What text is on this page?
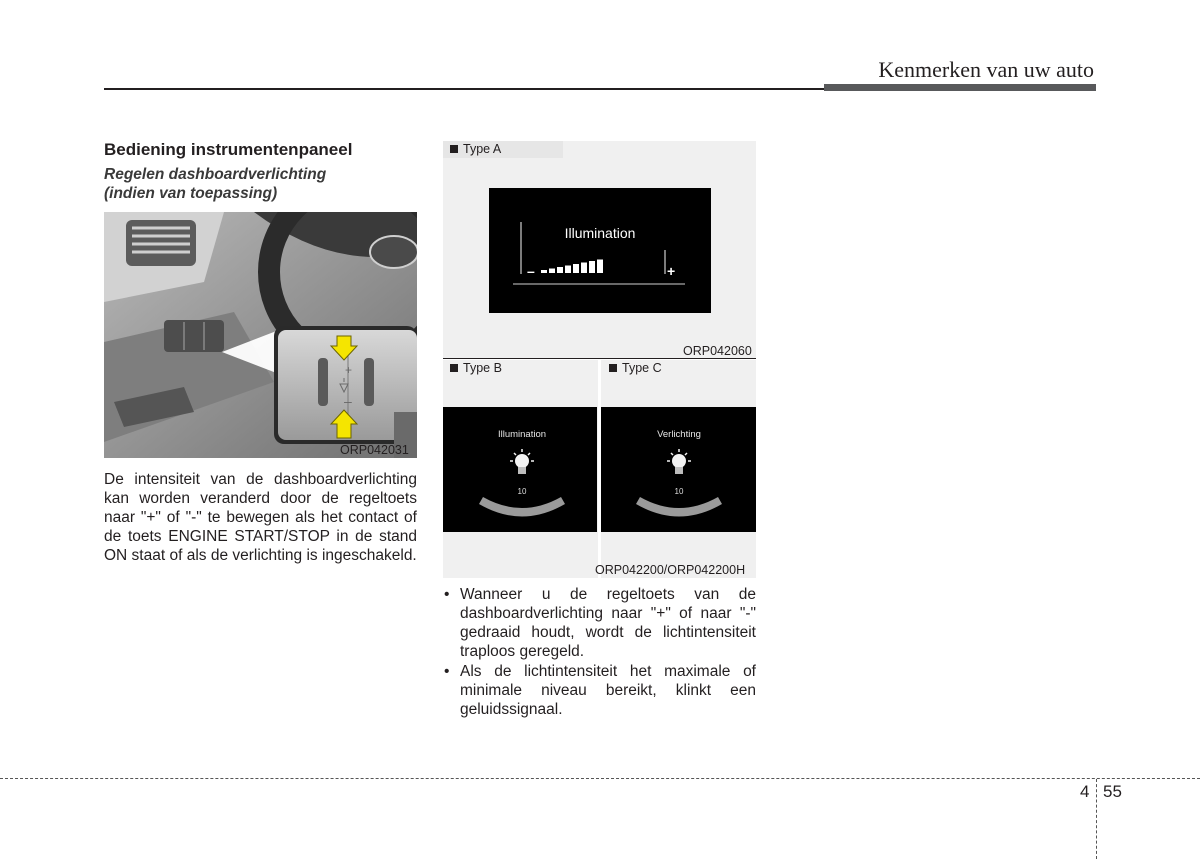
Kenmerken van uw auto
Bediening instrumentenpaneel
Regelen dashboardverlichting
(indien van toepassing)
+
–
ORP042031
De intensiteit van de dashboardverlichting kan worden veranderd door de regeltoets naar "+" of "-" te bewegen als het contact of de toets ENGINE START/STOP in de stand ON staat of als de verlichting is ingeschakeld.
Type A
Illumination
–	+
ORP042060
Type B	Type C
Illumination
10
Verlichting
10
ORP042200/ORP042200H
• Wanneer u de regeltoets van de dashboardverlichting naar "+" of naar "-" gedraaid houdt, wordt de lichtintensiteit traploos geregeld.
• Als de lichtintensiteit het maximale of minimale niveau bereikt, klinkt een geluidssignaal.
4 55
